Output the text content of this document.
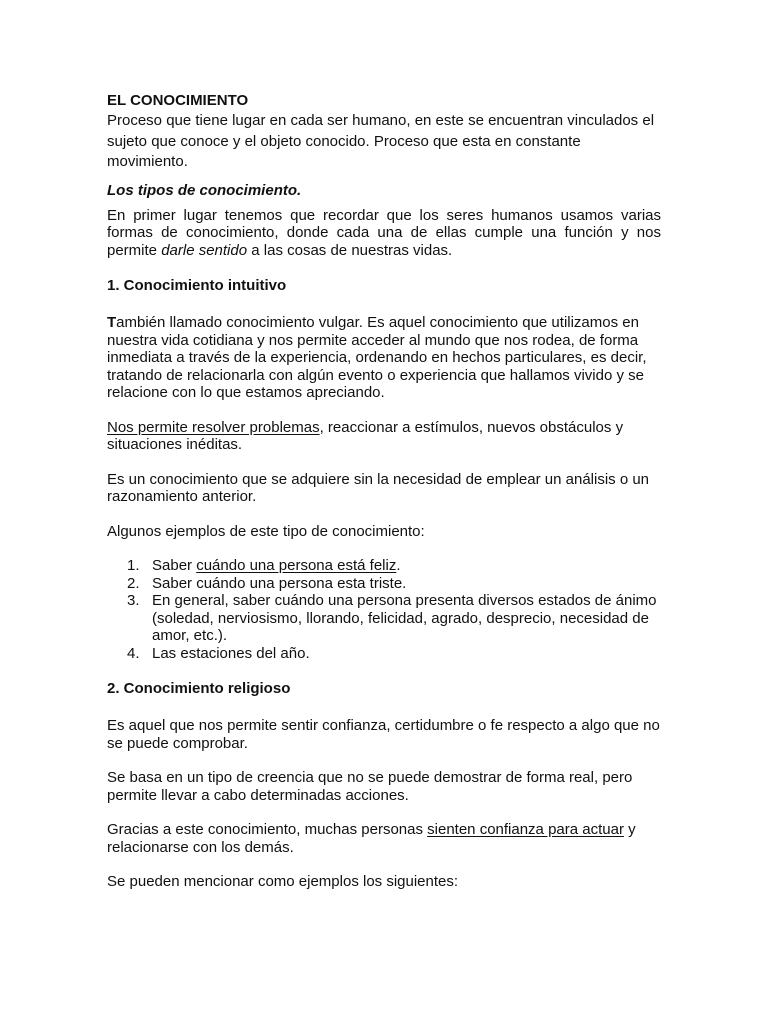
EL CONOCIMIENTO

Proceso que tiene lugar en cada ser humano, en este se encuentran vinculados el sujeto que conoce y el objeto conocido. Proceso que esta en constante movimiento.

Los tipos de conocimiento.

En primer lugar tenemos que recordar que los seres humanos usamos varias formas de conocimiento, donde cada una de ellas cumple una función y nos permite darle sentido a las cosas de nuestras vidas.

1. Conocimiento intuitivo

También llamado conocimiento vulgar. Es aquel conocimiento que utilizamos en nuestra vida cotidiana y nos permite acceder al mundo que nos rodea, de forma inmediata a través de la experiencia, ordenando en hechos particulares, es decir, tratando de relacionarla con algún evento o experiencia que hallamos vivido y se relacione con lo que estamos apreciando.

Nos permite resolver problemas, reaccionar a estímulos, nuevos obstáculos y situaciones inéditas.

Es un conocimiento que se adquiere sin la necesidad de emplear un análisis o un razonamiento anterior.

Algunos ejemplos de este tipo de conocimiento:

1. Saber cuándo una persona está feliz.
2. Saber cuándo una persona esta triste.
3. En general, saber cuándo una persona presenta diversos estados de ánimo (soledad, nerviosismo, llorando, felicidad, agrado, desprecio, necesidad de amor, etc.).
4. Las estaciones del año.

2. Conocimiento religioso

Es aquel que nos permite sentir confianza, certidumbre o fe respecto a algo que no se puede comprobar.

Se basa en un tipo de creencia que no se puede demostrar de forma real, pero permite llevar a cabo determinadas acciones.

Gracias a este conocimiento, muchas personas sienten confianza para actuar y relacionarse con los demás.

Se pueden mencionar como ejemplos los siguientes:
